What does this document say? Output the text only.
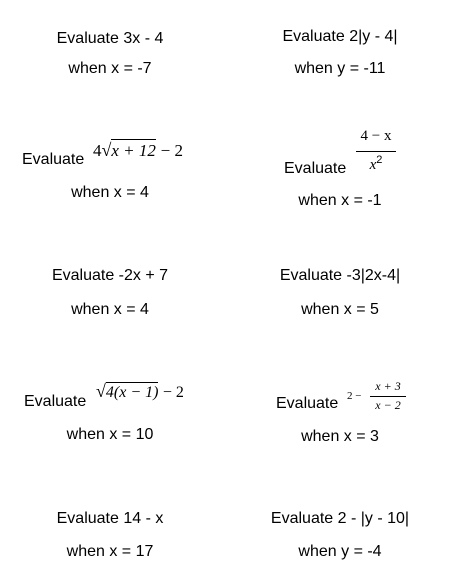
Evaluate 3x - 4
when x = -7
Evaluate 2|y - 4|
when y = -11
Evaluate 4√x + 12 − 2
when x = 4
Evaluate
4 − x
$x^2$
when x = -1
Evaluate -2x + 7
when x = 4
Evaluate -3|2x-4|
when x = 5
Evaluate
√4(x − 1) − 2
when x = 10
Evaluate 2 −
x + 3
x − 2
when x = 3
Evaluate 14 - x
when x = 17
Evaluate 2 - |y - 10|
when y = -4
